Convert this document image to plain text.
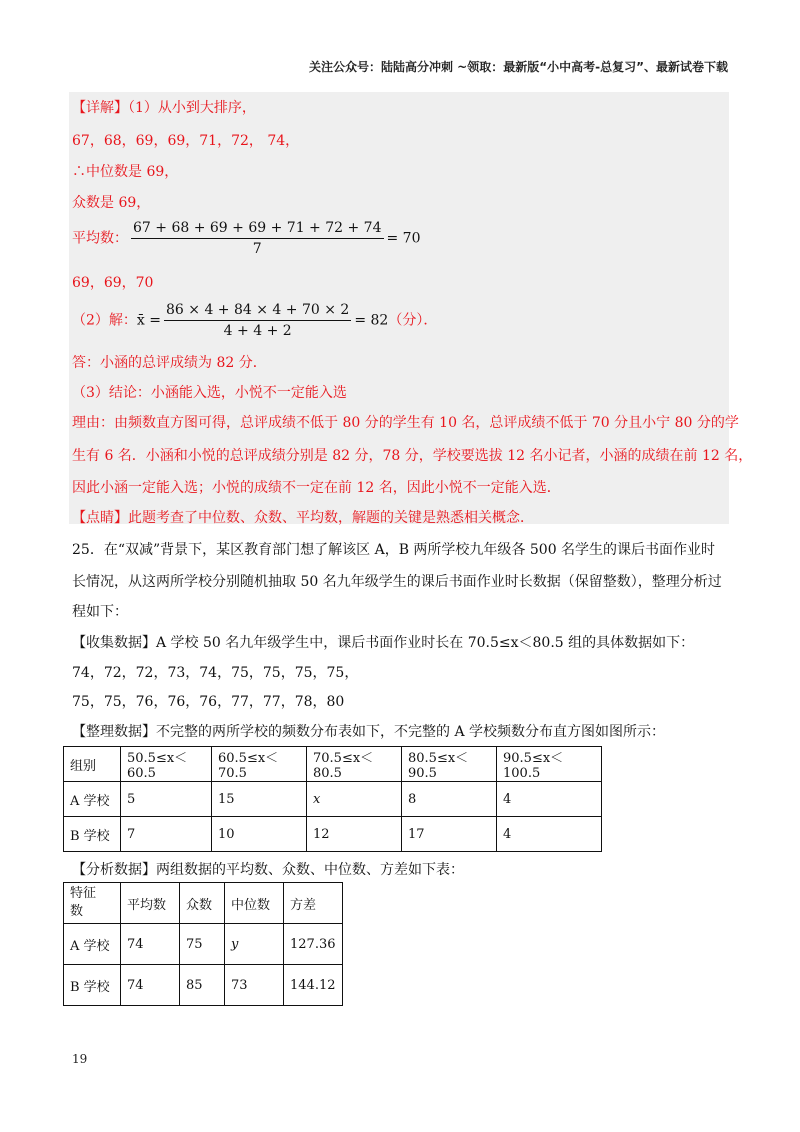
关注公众号：陆陆高分冲刺 ~领取：最新版“小中高考-总复习”、最新试卷下载
【详解】（1）从小到大排序，
67，68，69，69，71，72， 74，
∴中位数是 69，
众数是 69，
平均数： $\frac{67 + 68 + 69 + 69 + 71 + 72 + 74}{7} = 70$
69，69，70
（2）解：x̄ = $\frac{86 \times 4 + 84 \times 4 + 70 \times 2}{4 + 4 + 2} = 82$（分）．
答：小涵的总评成绩为 82 分．
（3）结论：小涵能入选，小悦不一定能入选
理由：由频数直方图可得，总评成绩不低于 80 分的学生有 10 名，总评成绩不低于 70 分且小宁 80 分的学
生有 6 名．小涵和小悦的总评成绩分别是 82 分，78 分，学校要选拔 12 名小记者，小涵的成绩在前 12 名，
因此小涵一定能入选；小悦的成绩不一定在前 12 名，因此小悦不一定能入选．
【点睛】此题考查了中位数、众数、平均数，解题的关键是熟悉相关概念．
25．在“双减”背景下，某区教育部门想了解该区 A，B 两所学校九年级各 500 名学生的课后书面作业时
长情况，从这两所学校分别随机抽取 50 名九年级学生的课后书面作业时长数据（保留整数），整理分析过
程如下：
【收集数据】A 学校 50 名九年级学生中，课后书面作业时长在 70.5≤x＜80.5 组的具体数据如下：
74，72，72，73，74，75，75，75，75，
75，75，76，76，76，77，77，78，80
【整理数据】不完整的两所学校的频数分布表如下，不完整的 A 学校频数分布直方图如图所示：
组别	50.5≤x＜60.5	60.5≤x＜70.5	70.5≤x＜80.5	80.5≤x＜90.5	90.5≤x＜100.5
A 学校	5	15	x	8	4
B 学校	7	10	12	17	4
【分析数据】两组数据的平均数、众数、中位数、方差如下表：
特征
数	平均数	众数	中位数	方差
A 学校	74	75	y	127.36
B 学校	74	85	73	144.12
19
